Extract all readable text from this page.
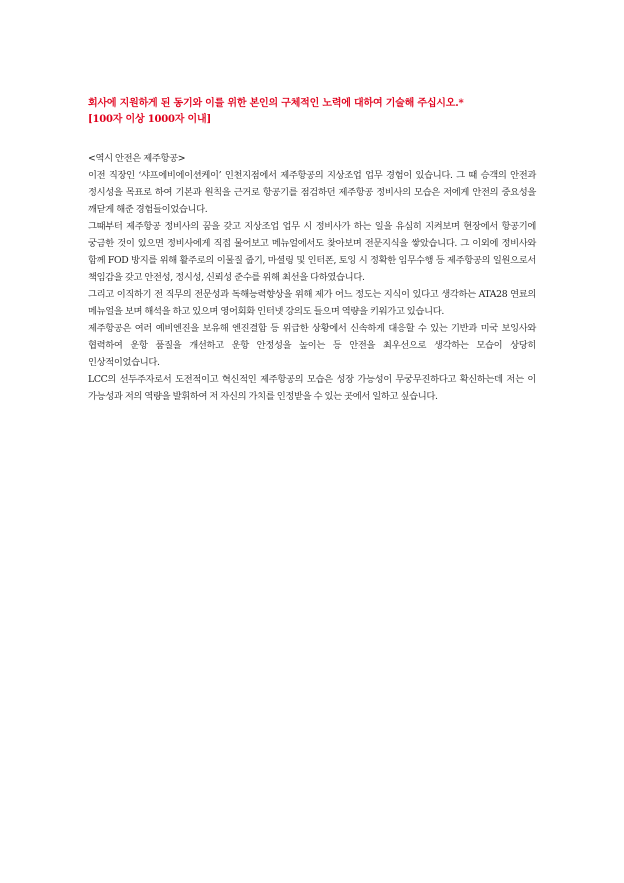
회사에 지원하게 된 동기와 이를 위한 본인의 구체적인 노력에 대하여 기술해 주십시오.*
[100자 이상 1000자 이내]

<역시 안전은 제주항공>

이전 직장인 ‘샤프에비에이션케이’ 인천지점에서 제주항공의 지상조업 업무 경험이 있습니다. 그 때 승객의 안전과 정시성을 목표로 하여 기본과 원칙을 근거로 항공기를 점검하던 제주항공 정비사의 모습은 저에게 안전의 중요성을 깨닫게 해준 경험들이었습니다.

그때부터 제주항공 정비사의 꿈을 갖고 지상조업 업무 시 정비사가 하는 일을 유심히 지켜보며 현장에서 항공기에 궁금한 것이 있으면 정비사에게 직접 물어보고 메뉴얼에서도 찾아보며 전문지식을 쌓았습니다. 그 이외에 정비사와 함께 FOD 방지를 위해 활주로의 이물질 줍기, 마셜링 및 인터폰, 토잉 시 정확한 임무수행 등 제주항공의 일원으로서 책임감을 갖고 안전성, 정시성, 신뢰성 준수를 위해 최선을 다하였습니다.

그리고 이직하기 전 직무의 전문성과 독해능력향상을 위해 제가 어느 정도는 지식이 있다고 생각하는 ATA28 연료의 메뉴얼을 보며 해석을 하고 있으며 영어회화 인터넷 강의도 들으며 역량을 키워가고 있습니다.

제주항공은 여러 예비엔진을 보유해 엔진결함 등 위급한 상황에서 신속하게 대응할 수 있는 기반과 미국 보잉사와 협력하여 운항 품질을 개선하고 운항 안정성을 높이는 등 안전을 최우선으로 생각하는 모습이 상당히 인상적이었습니다.

LCC의 선두주자로서 도전적이고 혁신적인 제주항공의 모습은 성장 가능성이 무궁무진하다고 확신하는데 저는 이 가능성과 저의 역량을 발휘하여 저 자신의 가치를 인정받을 수 있는 곳에서 일하고 싶습니다.
